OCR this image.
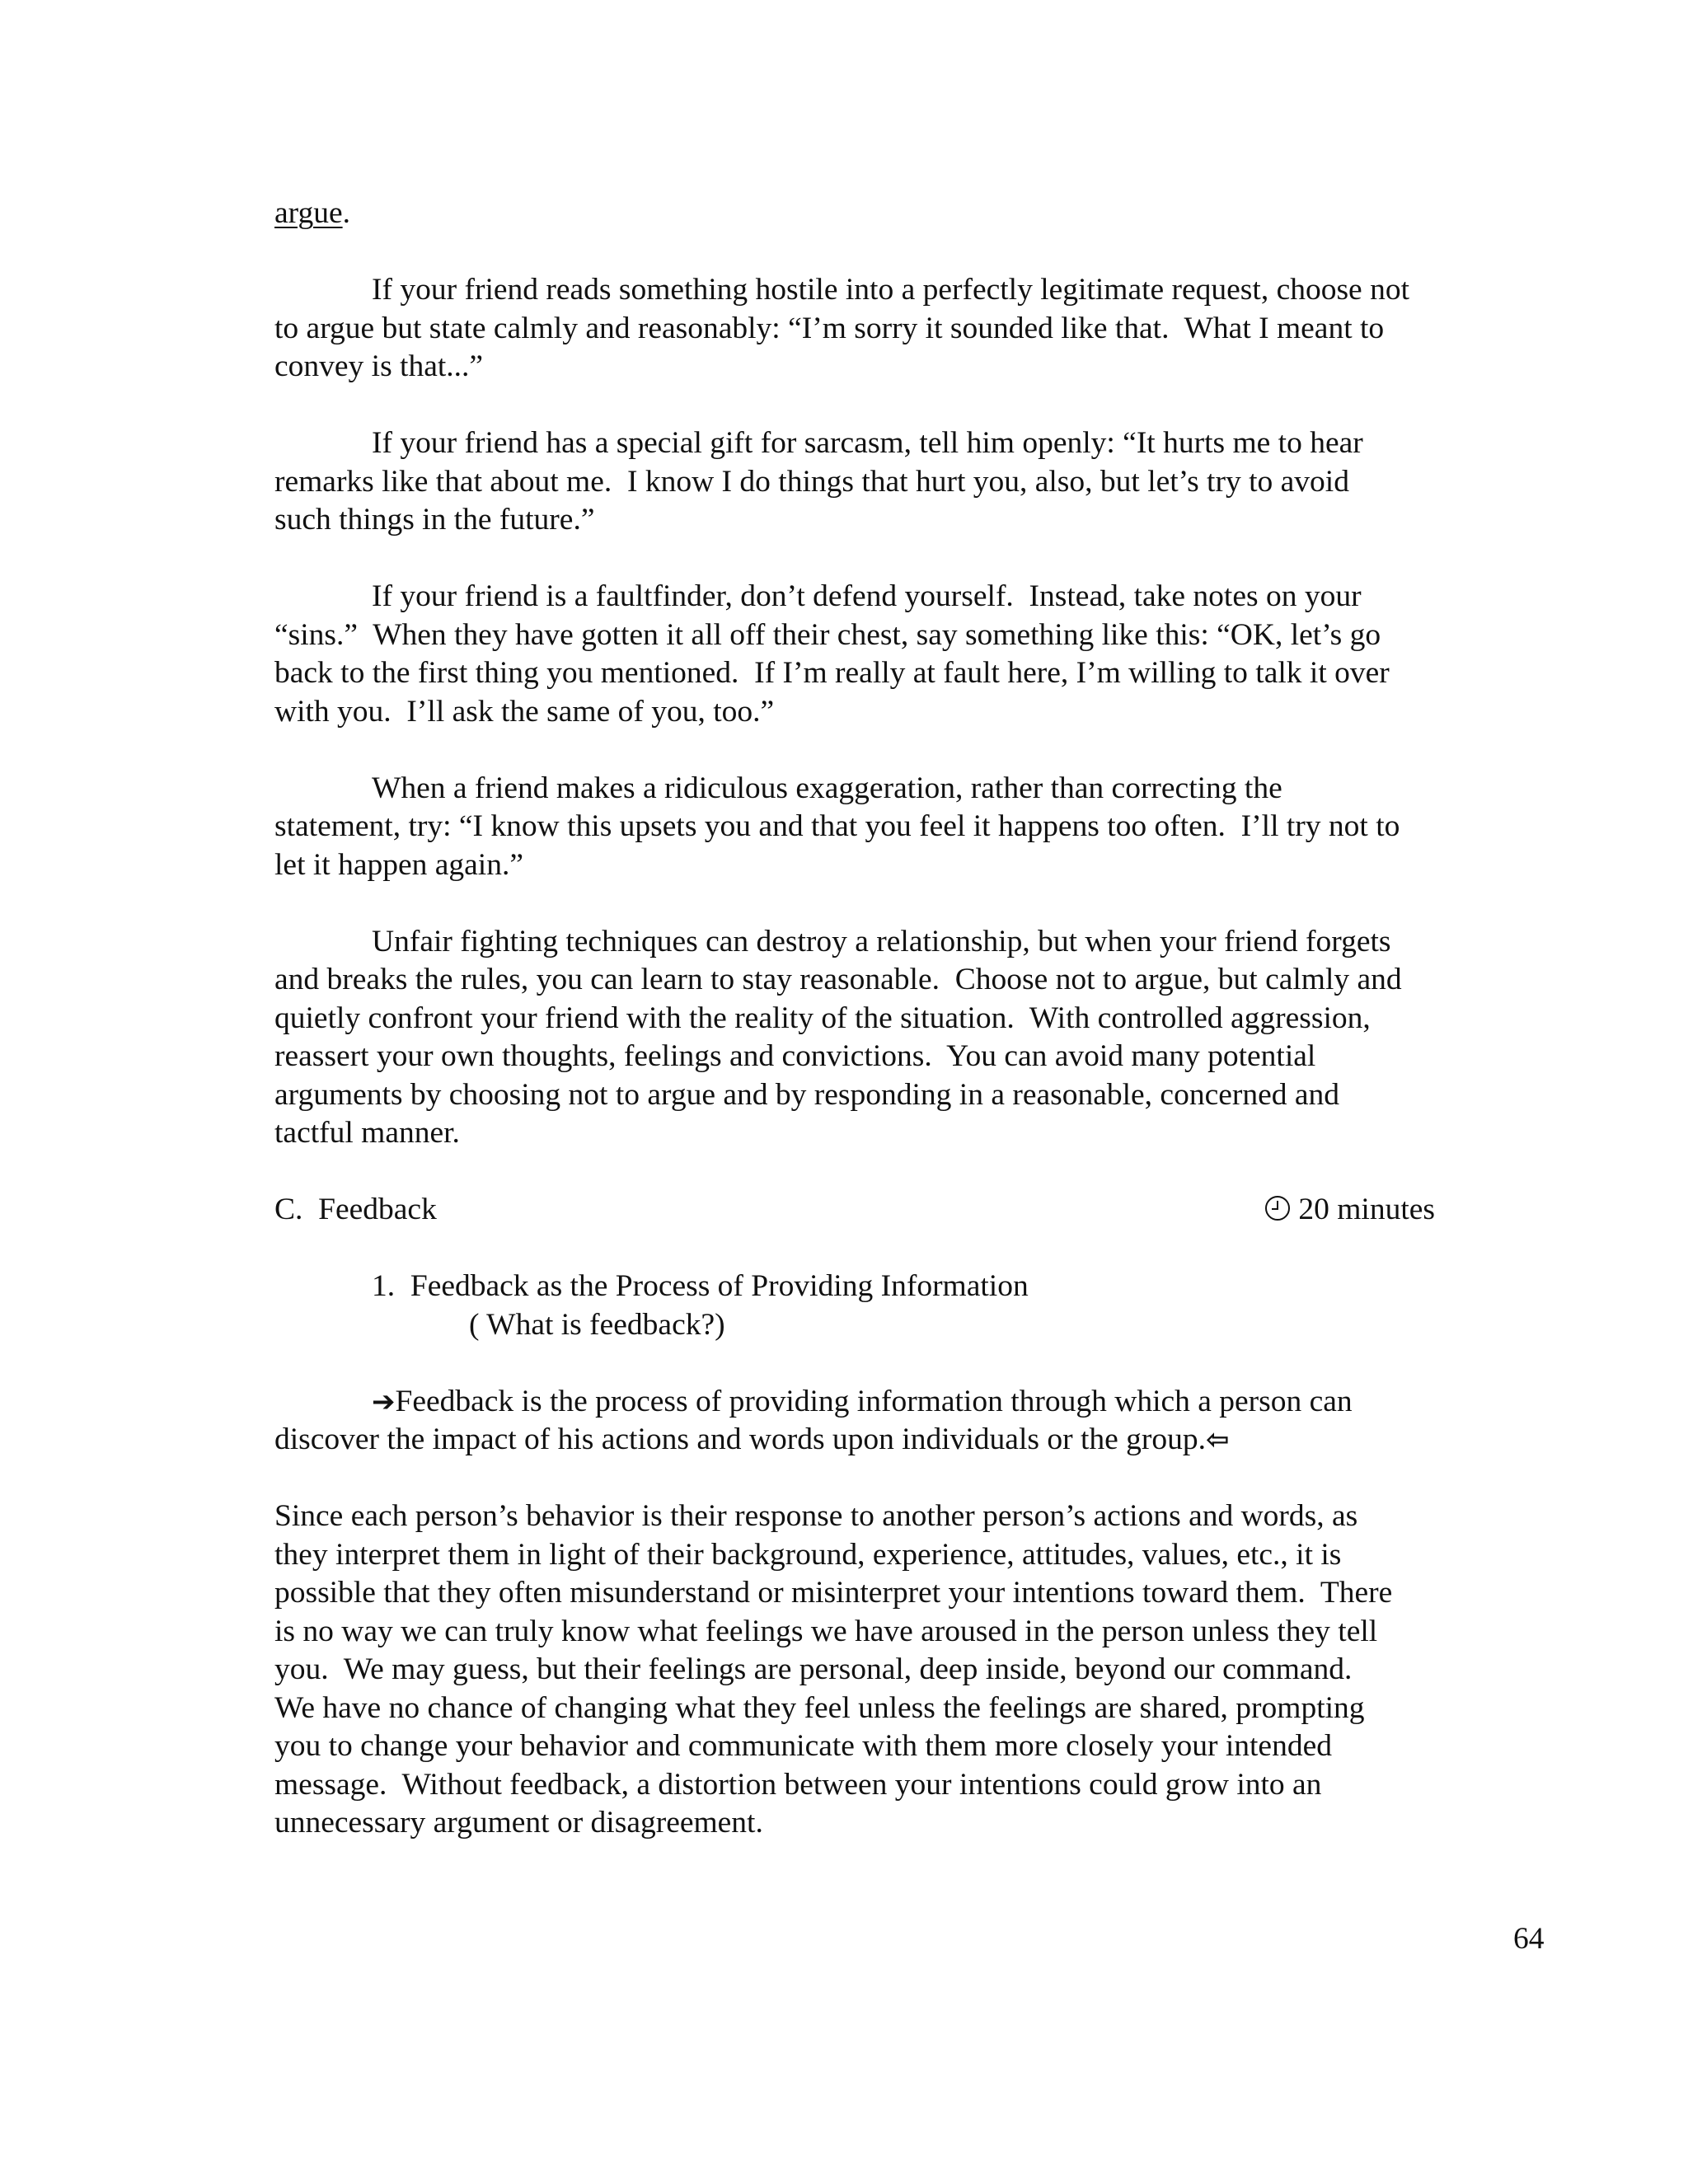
argue.
If your friend reads something hostile into a perfectly legitimate request, choose not
to argue but state calmly and reasonably: “I’m sorry it sounded like that.  What I meant to
convey is that...”
If your friend has a special gift for sarcasm, tell him openly: “It hurts me to hear
remarks like that about me.  I know I do things that hurt you, also, but let’s try to avoid
such things in the future.”
If your friend is a faultfinder, don’t defend yourself.  Instead, take notes on your
“sins.”  When they have gotten it all off their chest, say something like this: “OK, let’s go
back to the first thing you mentioned.  If I’m really at fault here, I’m willing to talk it over
with you.  I’ll ask the same of you, too.”
When a friend makes a ridiculous exaggeration, rather than correcting the
statement, try: “I know this upsets you and that you feel it happens too often.  I’ll try not to
let it happen again.”
Unfair fighting techniques can destroy a relationship, but when your friend forgets
and breaks the rules, you can learn to stay reasonable.  Choose not to argue, but calmly and
quietly confront your friend with the reality of the situation.  With controlled aggression,
reassert your own thoughts, feelings and convictions.  You can avoid many potential
arguments by choosing not to argue and by responding in a reasonable, concerned and
tactful manner.
C.  Feedback	20 minutes
1.  Feedback as the Process of Providing Information
( What is feedback?)
➔Feedback is the process of providing information through which a person can
discover the impact of his actions and words upon individuals or the group.⇦
Since each person’s behavior is their response to another person’s actions and words, as
they interpret them in light of their background, experience, attitudes, values, etc., it is
possible that they often misunderstand or misinterpret your intentions toward them.  There
is no way we can truly know what feelings we have aroused in the person unless they tell
you.  We may guess, but their feelings are personal, deep inside, beyond our command.
We have no chance of changing what they feel unless the feelings are shared, prompting
you to change your behavior and communicate with them more closely your intended
message.  Without feedback, a distortion between your intentions could grow into an
unnecessary argument or disagreement.
64
